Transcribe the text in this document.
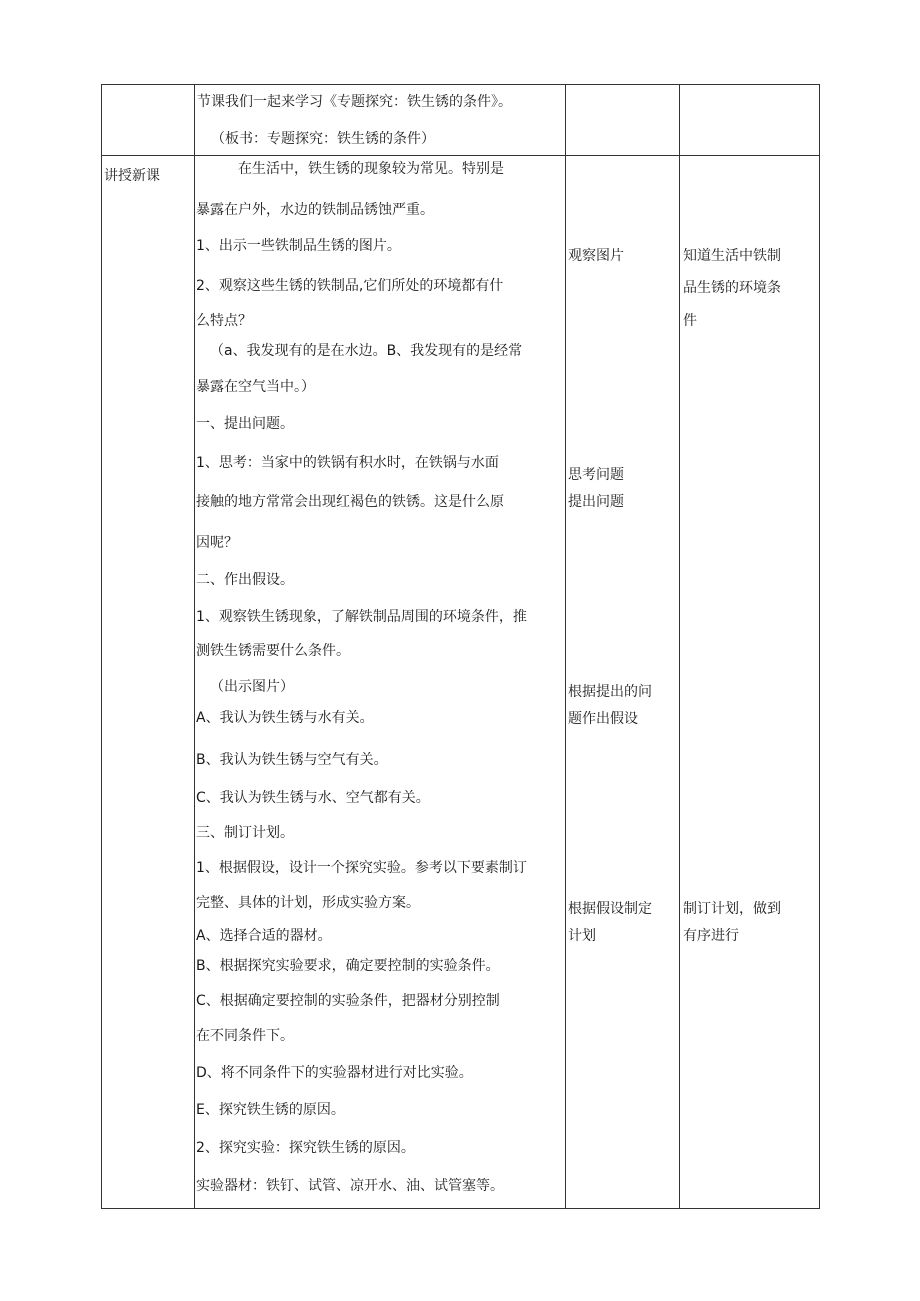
节课我们一起来学习《专题探究：铁生锈的条件》。
（板书：专题探究：铁生锈的条件）
讲授新课	在生活中，铁生锈的现象较为常见。特别是
暴露在户外，水边的铁制品锈蚀严重。
1、出示一些铁制品生锈的图片。
2、观察这些生锈的铁制品,它们所处的环境都有什
么特点？
（a、我发现有的是在水边。B、我发现有的是经常
暴露在空气当中。）
一、提出问题。
1、思考：当家中的铁锅有积水时，在铁锅与水面
接触的地方常常会出现红褐色的铁锈。这是什么原
因呢？
二、作出假设。
1、观察铁生锈现象，了解铁制品周围的环境条件，推
测铁生锈需要什么条件。
（出示图片）
A、我认为铁生锈与水有关。
B、我认为铁生锈与空气有关。
C、我认为铁生锈与水、空气都有关。
三、制订计划。
1、根据假设，设计一个探究实验。参考以下要素制订
完整、具体的计划，形成实验方案。
A、选择合适的器材。
B、根据探究实验要求，确定要控制的实验条件。
C、根据确定要控制的实验条件，把器材分别控制
在不同条件下。
D、将不同条件下的实验器材进行对比实验。
E、探究铁生锈的原因。
2、探究实验：探究铁生锈的原因。
实验器材：铁钉、试管、凉开水、油、试管塞等。
观察图片
思考问题
提出问题
根据提出的问
题作出假设
根据假设制定
计划
知道生活中铁制
品生锈的环境条
件
制订计划，做到
有序进行
